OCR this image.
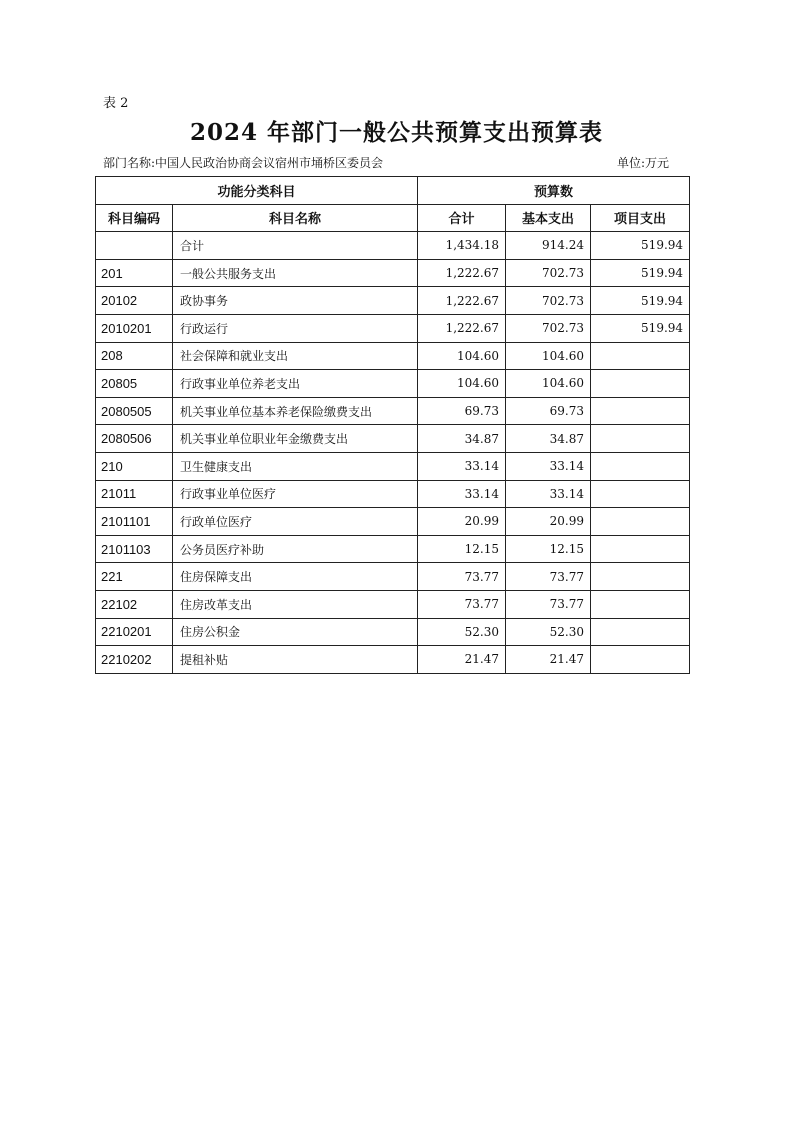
表 2
2024 年部门一般公共预算支出预算表
部门名称:中国人民政治协商会议宿州市埇桥区委员会	单位:万元
功能分类科目		预算数		
科目编码	科目名称	合计	基本支出	项目支出
	合计	1,434.18	914.24	519.94
201	一般公共服务支出	1,222.67	702.73	519.94
20102	政协事务	1,222.67	702.73	519.94
2010201	行政运行	1,222.67	702.73	519.94
208	社会保障和就业支出	104.60	104.60	
20805	行政事业单位养老支出	104.60	104.60	
2080505	机关事业单位基本养老保险缴费支出	69.73	69.73	
2080506	机关事业单位职业年金缴费支出	34.87	34.87	
210	卫生健康支出	33.14	33.14	
21011	行政事业单位医疗	33.14	33.14	
2101101	行政单位医疗	20.99	20.99	
2101103	公务员医疗补助	12.15	12.15	
221	住房保障支出	73.77	73.77	
22102	住房改革支出	73.77	73.77	
2210201	住房公积金	52.30	52.30	
2210202	提租补贴	21.47	21.47	
